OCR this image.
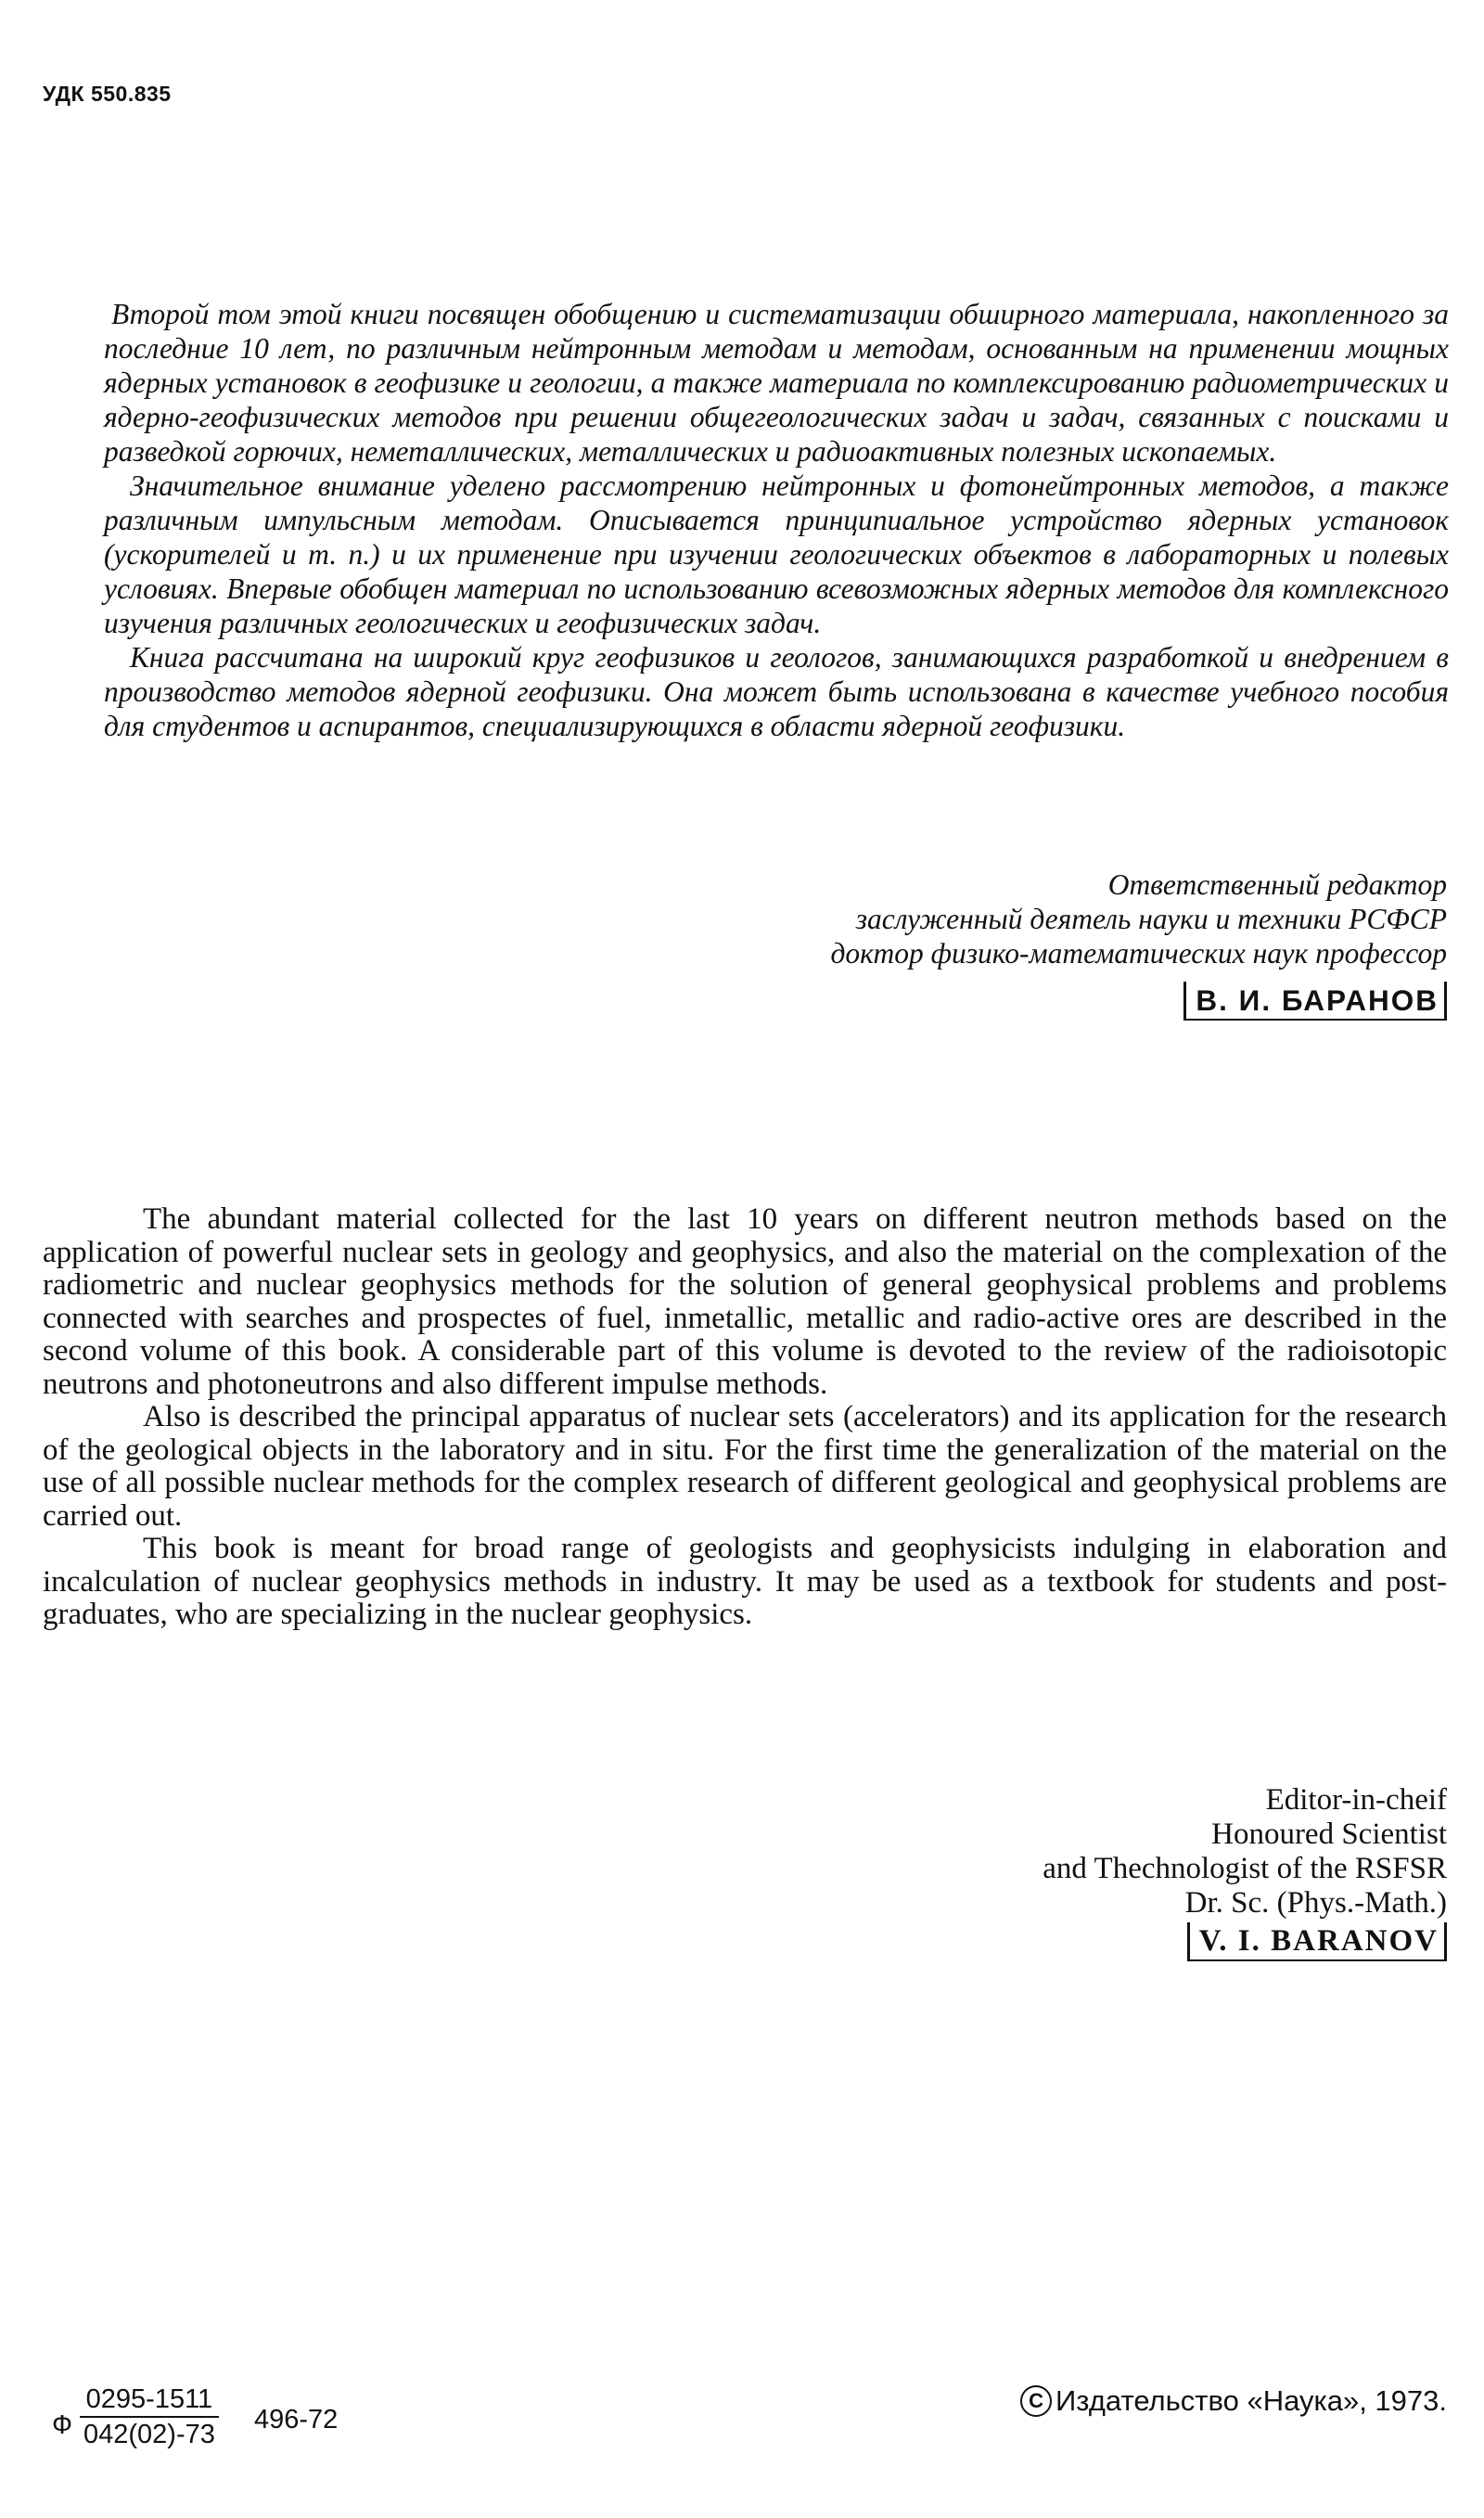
УДК 550.835

Второй том этой книги посвящен обобщению и систематизации обширного материала, накопленного за последние 10 лет, по различным нейтронным методам и методам, основанным на применении мощных ядерных установок в геофизике и геологии, а также материала по комплексированию радиометрических и ядерно-геофизических методов при решении общегеологических задач и задач, связанных с поисками и разведкой горючих, неметаллических, металлических и радиоактивных полезных ископаемых.

Значительное внимание уделено рассмотрению нейтронных и фотонейтронных методов, а также различным импульсным методам. Описывается принципиальное устройство ядерных установок (ускорителей и т. п.) и их применение при изучении геологических объектов в лабораторных и полевых условиях. Впервые обобщен материал по использованию всевозможных ядерных методов для комплексного изучения различных геологических и геофизических задач.

Книга рассчитана на широкий круг геофизиков и геологов, занимающихся разработкой и внедрением в производство методов ядерной геофизики. Она может быть использована в качестве учебного пособия для студентов и аспирантов, специализирующихся в области ядерной геофизики.

Ответственный редактор
заслуженный деятель науки и техники РСФСР
доктор физико-математических наук профессор
В. И. БАРАНОВ

The abundant material collected for the last 10 years on different neutron methods based on the application of powerful nuclear sets in geology and geophysics, and also the material on the complexation of the radiometric and nuclear geophysics methods for the solution of general geophysical problems and problems connected with searches and prospectes of fuel, inmetallic, metallic and radio-active ores are described in the second volume of this book. A considerable part of this volume is devoted to the review of the radioisotopic neutrons and photoneutrons and also different impulse methods.

Also is described the principal apparatus of nuclear sets (accelerators) and its application for the research of the geological objects in the laboratory and in situ. For the first time the generalization of the material on the use of all possible nuclear methods for the complex research of different geological and geophysical problems are carried out.

This book is meant for broad range of geologists and geophysicists indulging in elaboration and incalculation of nuclear geophysics methods in industry. It may be used as a textbook for students and post-graduates, who are specializing in the nuclear geophysics.

Editor-in-cheif
Honoured Scientist
and Thechnologist of the RSFSR
Dr. Sc. (Phys.-Math.)
V. I. BARANOV
Ф $\frac{0295-1511}{042(02)-73} 496-72$
C Издательство «Наука», 1973.
